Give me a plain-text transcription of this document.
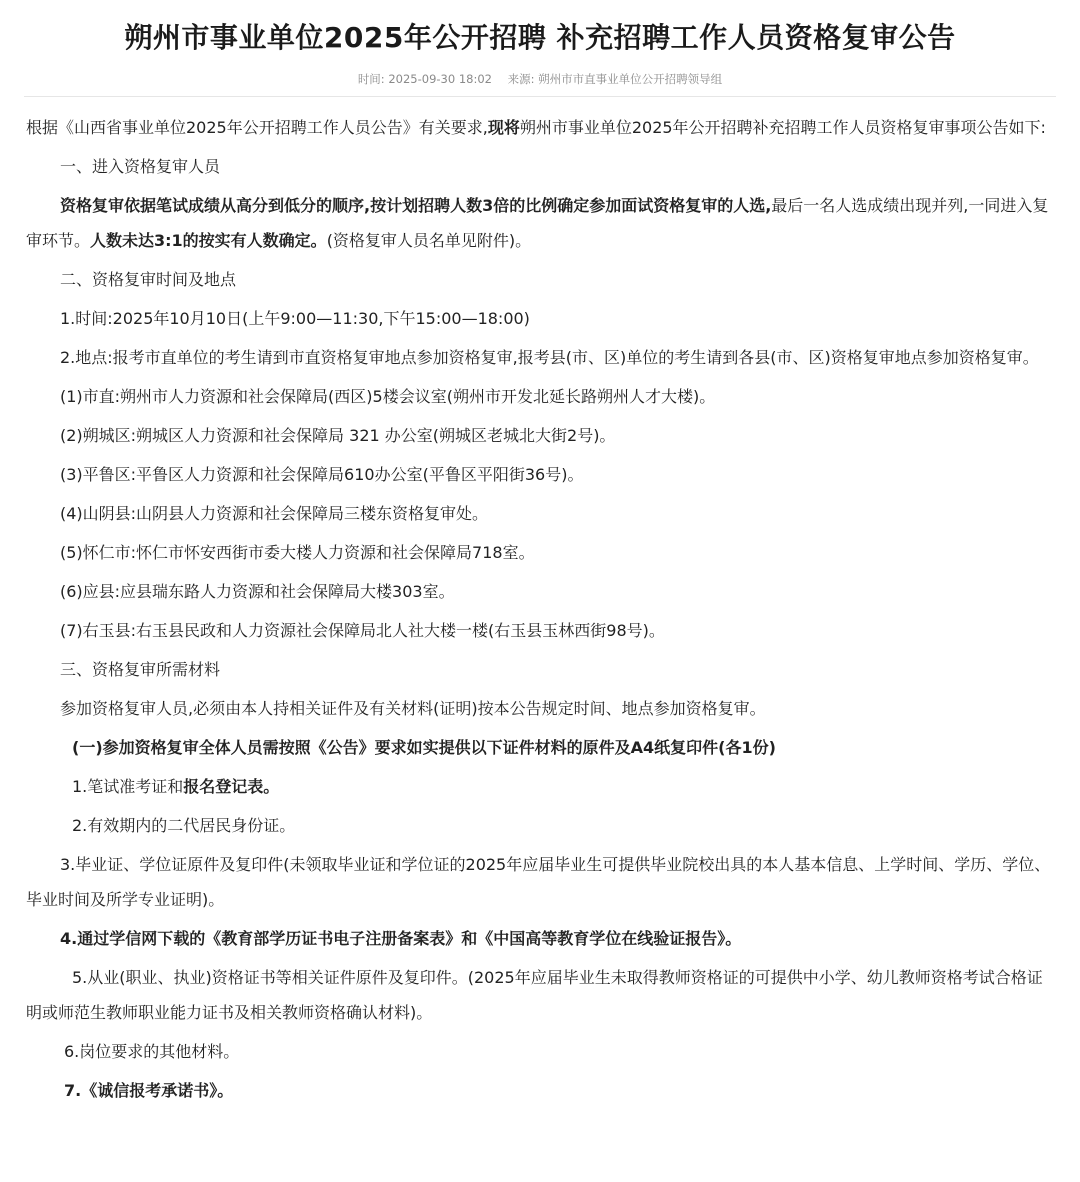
朔州市事业单位2025年公开招聘 补充招聘工作人员资格复审公告
时间: 2025-09-30 18:02 来源: 朔州市市直事业单位公开招聘领导组

根据《山西省事业单位2025年公开招聘工作人员公告》有关要求,现将朔州市事业单位2025年公开招聘补充招聘工作人员资格复审事项公告如下:

一、进入资格复审人员

资格复审依据笔试成绩从高分到低分的顺序,按计划招聘人数3倍的比例确定参加面试资格复审的人选,最后一名人选成绩出现并列,一同进入复审环节。人数未达3:1的按实有人数确定。(资格复审人员名单见附件)。

二、资格复审时间及地点

1.时间:2025年10月10日(上午9:00—11:30,下午15:00—18:00)

2.地点:报考市直单位的考生请到市直资格复审地点参加资格复审,报考县(市、区)单位的考生请到各县(市、区)资格复审地点参加资格复审。

(1)市直:朔州市人力资源和社会保障局(西区)5楼会议室(朔州市开发北延长路朔州人才大楼)。

(2)朔城区:朔城区人力资源和社会保障局 321 办公室(朔城区老城北大街2号)。

(3)平鲁区:平鲁区人力资源和社会保障局610办公室(平鲁区平阳街36号)。

(4)山阴县:山阴县人力资源和社会保障局三楼东资格复审处。

(5)怀仁市:怀仁市怀安西街市委大楼人力资源和社会保障局718室。

(6)应县:应县瑞东路人力资源和社会保障局大楼303室。

(7)右玉县:右玉县民政和人力资源社会保障局北人社大楼一楼(右玉县玉林西街98号)。

三、资格复审所需材料

参加资格复审人员,必须由本人持相关证件及有关材料(证明)按本公告规定时间、地点参加资格复审。

(一)参加资格复审全体人员需按照《公告》要求如实提供以下证件材料的原件及A4纸复印件(各1份)

1.笔试准考证和报名登记表。

2.有效期内的二代居民身份证。

3.毕业证、学位证原件及复印件(未领取毕业证和学位证的2025年应届毕业生可提供毕业院校出具的本人基本信息、上学时间、学历、学位、毕业时间及所学专业证明)。

4.通过学信网下载的《教育部学历证书电子注册备案表》和《中国高等教育学位在线验证报告》。

5.从业(职业、执业)资格证书等相关证件原件及复印件。(2025年应届毕业生未取得教师资格证的可提供中小学、幼儿教师资格考试合格证明或师范生教师职业能力证书及相关教师资格确认材料)。

6.岗位要求的其他材料。

7.《诚信报考承诺书》。
